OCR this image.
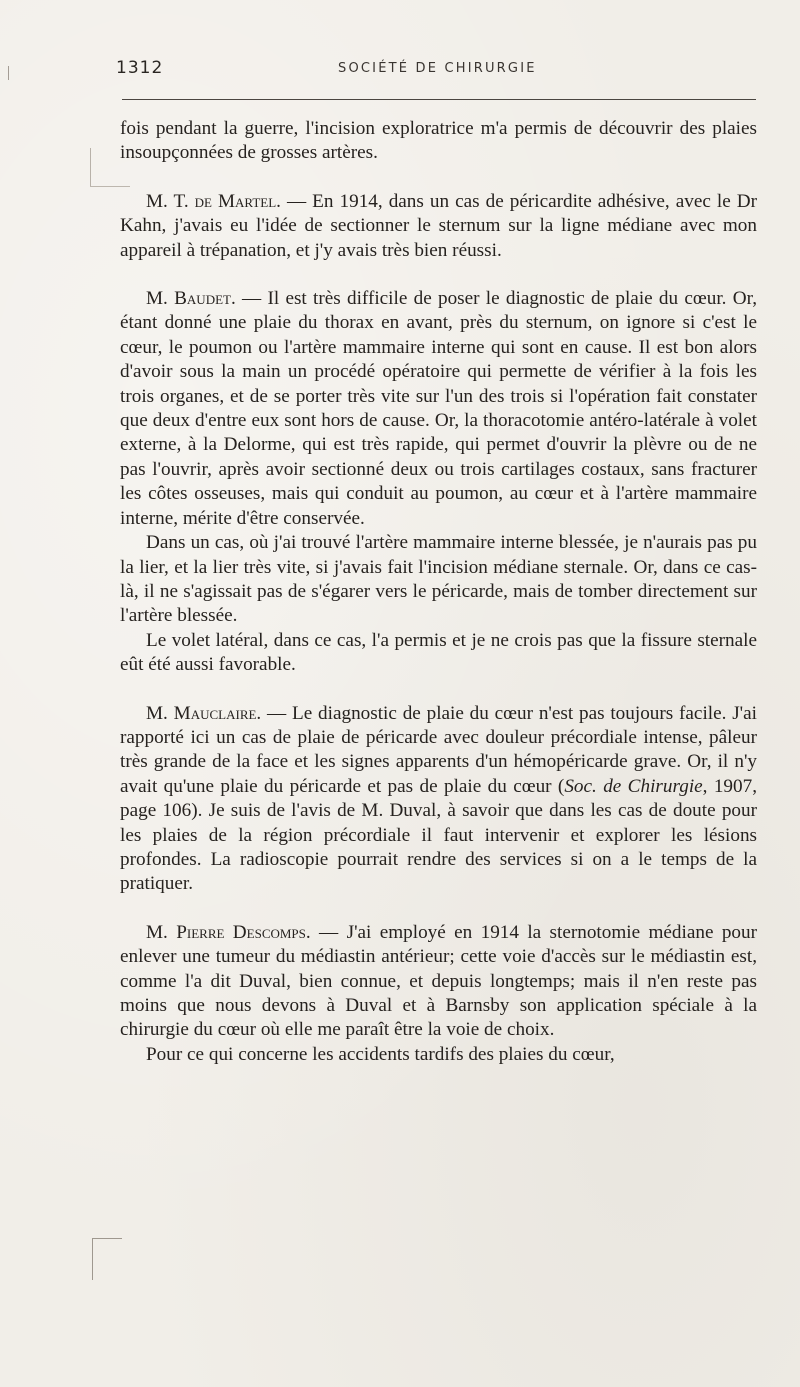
1312	SOCIÉTÉ DE CHIRURGIE

fois pendant la guerre, l'incision exploratrice m'a permis de découvrir des plaies insoupçonnées de grosses artères.

M. T. de Martel. — En 1914, dans un cas de péricardite adhésive, avec le Dr Kahn, j'avais eu l'idée de sectionner le sternum sur la ligne médiane avec mon appareil à trépanation, et j'y avais très bien réussi.

M. Baudet. — Il est très difficile de poser le diagnostic de plaie du cœur. Or, étant donné une plaie du thorax en avant, près du sternum, on ignore si c'est le cœur, le poumon ou l'artère mammaire interne qui sont en cause. Il est bon alors d'avoir sous la main un procédé opératoire qui permette de vérifier à la fois les trois organes, et de se porter très vite sur l'un des trois si l'opération fait constater que deux d'entre eux sont hors de cause. Or, la thoracotomie antéro-latérale à volet externe, à la Delorme, qui est très rapide, qui permet d'ouvrir la plèvre ou de ne pas l'ouvrir, après avoir sectionné deux ou trois cartilages costaux, sans fracturer les côtes osseuses, mais qui conduit au poumon, au cœur et à l'artère mammaire interne, mérite d'être conservée.

Dans un cas, où j'ai trouvé l'artère mammaire interne blessée, je n'aurais pas pu la lier, et la lier très vite, si j'avais fait l'incision médiane sternale. Or, dans ce cas-là, il ne s'agissait pas de s'égarer vers le péricarde, mais de tomber directement sur l'artère blessée.

Le volet latéral, dans ce cas, l'a permis et je ne crois pas que la fissure sternale eût été aussi favorable.

M. Mauclaire. — Le diagnostic de plaie du cœur n'est pas toujours facile. J'ai rapporté ici un cas de plaie de péricarde avec douleur précordiale intense, pâleur très grande de la face et les signes apparents d'un hémopéricarde grave. Or, il n'y avait qu'une plaie du péricarde et pas de plaie du cœur (Soc. de Chirurgie, 1907, page 106). Je suis de l'avis de M. Duval, à savoir que dans les cas de doute pour les plaies de la région précordiale il faut intervenir et explorer les lésions profondes. La radioscopie pourrait rendre des services si on a le temps de la pratiquer.

M. Pierre Descomps. — J'ai employé en 1914 la sternotomie médiane pour enlever une tumeur du médiastin antérieur; cette voie d'accès sur le médiastin est, comme l'a dit Duval, bien connue, et depuis longtemps; mais il n'en reste pas moins que nous devons à Duval et à Barnsby son application spéciale à la chirurgie du cœur où elle me paraît être la voie de choix.

Pour ce qui concerne les accidents tardifs des plaies du cœur,
